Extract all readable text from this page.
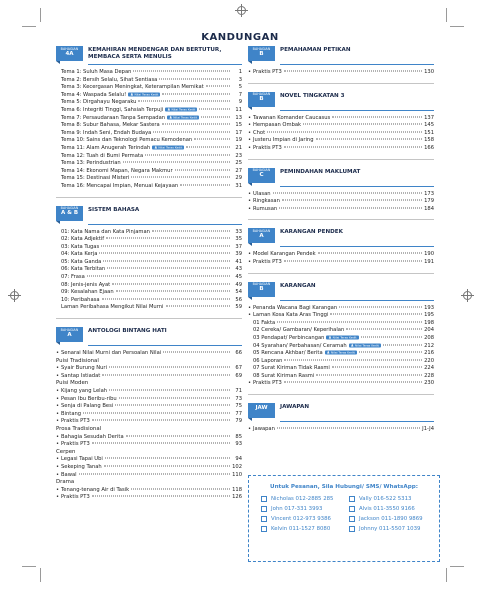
KANDUNGAN
BAHAGIAN
4A
KEMAHIRAN MENDENGAR DAN BERTUTUR, MEMBACA SERTA MENULIS
Tema 1: Suluh Masa Depan	1
Tema 2: Bersih Selalu, Sihat Sentiasa	3
Tema 3: Kecergasan Meningkat, Keterampilan Memikat	5
Tema 4: Waspada Selalu! ♟ Nilai Teras Kedit	7
Tema 5: Dirgahayu Negaraku	9
Tema 6: Integriti Tinggi, Sahsiah Terpuji ♟ Nilai Teras Kedit	11
Tema 7: Persaudaraan Tanpa Sempadan ♟ Nilai Teras Kedit	13
Tema 8: Subur Bahasa, Mekar Sastera	15
Tema 9: Indah Seni, Endah Budaya	17
Tema 10: Sains dan Teknologi Pemacu Kemodenan	19
Tema 11: Alam Anugerah Terindah ♟ Nilai Teras Kedit	21
Tema 12: Tuah di Bumi Permata	23
Tema 13: Perindustrian	25
Tema 14: Ekonomi Mapan, Negara Makmur	27
Tema 15: Destinasi Misteri	29
Tema 16: Mencapai Impian, Menuai Kejayaan	31
BAHAGIAN
A & B
SISTEM BAHASA
01: Kata Nama dan Kata Pinjaman	33
02: Kata Adjektif	35
03: Kata Tugas	37
04: Kata Kerja	39
05: Kata Ganda	41
06: Kata Terbitan	43
07: Frasa	45
08: Jenis-jenis Ayat	49
09: Kesalahan Ejaan	54
10: Peribahasa	56
Laman Peribahasa Mengikut Nilai Murni	59
BAHAGIAN
A
ANTOLOGI BINTANG HATI
• Senarai Nilai Murni dan Persoalan Nilai	66
Puisi Tradisional
• Syair Burung Nuri	67
• Santap Istiadat	69
Puisi Moden
• Kijang yang Lelah	71
• Pesan Ibu Beribu-ribu	73
• Senja di Palang Besi	75
• Bintang	77
• Praktis PT3	79
Prosa Tradisional
• Bahagia Sesudah Derita	85
• Praktis PT3	93
Cerpen
• Legasi Tapai Ubi	94
• Sekeping Tanah	102
• Bawal	110
Drama
• Tenang-tenang Air di Tasik	118
• Praktis PT3	126
BAHAGIAN
B
PEMAHAMAN PETIKAN
• Praktis PT3	130
BAHAGIAN
B
NOVEL TINGKATAN 3
• Tawanan Komander Caucasus	137
• Hempasan Ombak	145
• Chot	151
• Justeru Impian di Jaring	158
• Praktis PT3	166
BAHAGIAN
C
PEMINDAHAN MAKLUMAT
• Ulasan	173
• Ringkasan	179
• Rumusan	184
BAHAGIAN
A
KARANGAN PENDEK
• Model Karangan Pendek	190
• Praktis PT3	191
BAHAGIAN
B
KARANGAN
• Penanda Wacana Bagi Karangan	193
• Laman Kosa Kata Aras Tinggi	195
01 Fakta	198
02 Cereka/ Gambaran/ Keperihalan	204
03 Pendapat/ Perbincangan ♟ Nilai Teras Kedit	208
04 Syarahan/ Perbahasan/ Ceramah ♟ Nilai Teras Kedit	212
05 Rencana Akhbar/ Berita ♟ Nilai Teras Kedit	216
06 Laporan	220
07 Surat Kiriman Tidak Rasmi	224
08 Surat Kiriman Rasmi	228
• Praktis PT3	230
JAW	JAWAPAN
• Jawapan	J1-J4
Untuk Pesanan, Sila Hubungi/ SMS/ WhatsApp:
Nicholas 012-2885 285	Vally 016-522 5313
John 017-331 3993	Alvis 011-3550 9166
Vincent 012-973 9386	Jackson 011-1890 9869
Kelvin 011-1527 8080	Johnny 011-5507 1039
